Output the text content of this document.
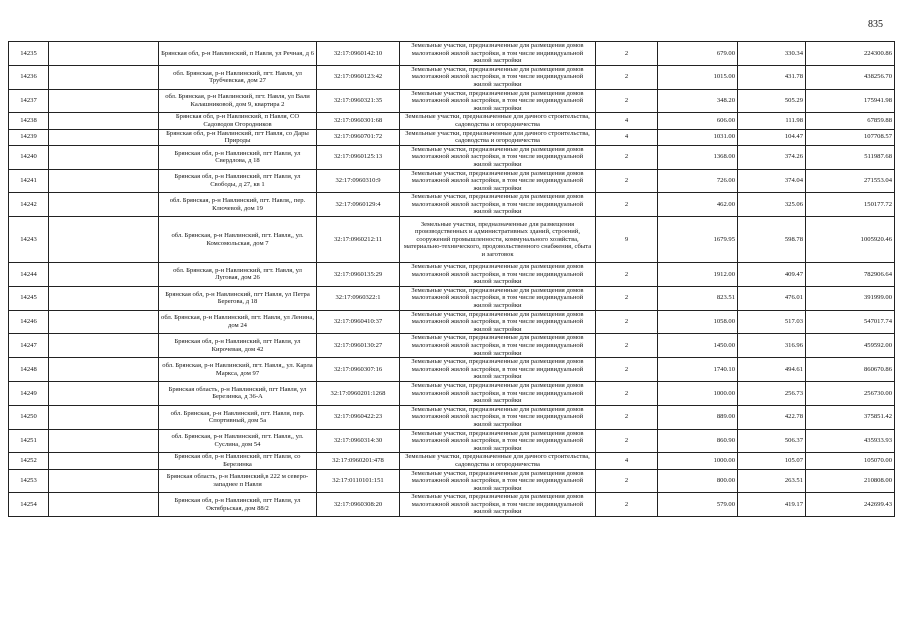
835
14235		Брянская обл, р-н Навлинский, п Навля, ул Речная, д 6	32:17:0960142:10	Земельные участки, предназначенные для размещения домов малоэтажной жилой застройки, в том числе индивидуальной жилой застройки	2	679.00	330.34	224300.86
14236		обл. Брянская, р-н Навлинский, пгт. Навля, ул Трубчевская, дом 27	32:17:0960123:42	Земельные участки, предназначенные для размещения домов малоэтажной жилой застройки, в том числе индивидуальной жилой застройки	2	1015.00	431.78	438256.70
14237		обл. Брянская, р-н Навлинский, пгт. Навля, ул Вали Калашниковой, дом 9, квартира 2	32:17:0960321:35	Земельные участки, предназначенные для размещения домов малоэтажной жилой застройки, в том числе индивидуальной жилой застройки	2	348.20	505.29	175941.98
14238		Брянская обл, р-н Навлинский, п Навля, СО Садоводов Огородников	32:17:0960301:68	Земельные участки, предназначенные для дачного строительства, садоводства и огородничества	4	606.00	111.98	67859.88
14239		Брянская обл, р-н Навлинский, пгт Навля, со Дары Природы	32:17:0960701:72	Земельные участки, предназначенные для дачного строительства, садоводства и огородничества	4	1031.00	104.47	107708.57
14240		Брянская обл, р-н Навлинский, пгт Навля, ул Свердлова, д 18	32:17:0960125:13	Земельные участки, предназначенные для размещения домов малоэтажной жилой застройки, в том числе индивидуальной жилой застройки	2	1368.00	374.26	511987.68
14241		Брянская обл, р-н Навлинский, пгт Навля, ул Свободы, д 27, кв 1	32:17:0960310:9	Земельные участки, предназначенные для размещения домов малоэтажной жилой застройки, в том числе индивидуальной жилой застройки	2	726.00	374.04	271553.04
14242		обл. Брянская, р-н Навлинский, пгт. Навля,, пер. Ключевой, дом 19	32:17:0960129:4	Земельные участки, предназначенные для размещения домов малоэтажной жилой застройки, в том числе индивидуальной жилой застройки	2	462.00	325.06	150177.72
14243		обл. Брянская, р-н Навлинский, пгт. Навля,, ул. Комсомольская, дом 7	32:17:0960212:11	Земельные участки, предназначенные для размещения производственных и административных зданий, строений, сооружений промышленности, коммунального хозяйства, материально-технического, продовольственного снабжения, сбыта и заготовок	9	1679.95	598.78	1005920.46
14244		обл. Брянская, р-н Навлинский, пгт. Навля, ул Луговая, дом 26	32:17:0960135:29	Земельные участки, предназначенные для размещения домов малоэтажной жилой застройки, в том числе индивидуальной жилой застройки	2	1912.00	409.47	782906.64
14245		Брянская обл, р-н Навлинский, пгт Навля, ул Петра Берегова, д 18	32:17:0960322:1	Земельные участки, предназначенные для размещения домов малоэтажной жилой застройки, в том числе индивидуальной жилой застройки	2	823.51	476.01	391999.00
14246		обл. Брянская, р-н Навлинский, пгт. Навля, ул Ленина, дом 24	32:17:0960410:37	Земельные участки, предназначенные для размещения домов малоэтажной жилой застройки, в том числе индивидуальной жилой застройки	2	1058.00	517.03	547017.74
14247		Брянская обл, р-н Навлинский, пгт Навля, ул Кирочевая, дом 42	32:17:0960130:27	Земельные участки, предназначенные для размещения домов малоэтажной жилой застройки, в том числе индивидуальной жилой застройки	2	1450.00	316.96	459592.00
14248		обл. Брянская, р-н Навлинский, пгт. Навля,, ул. Карла Маркса, дом 97	32:17:0960307:16	Земельные участки, предназначенные для размещения домов малоэтажной жилой застройки, в том числе индивидуальной жилой застройки	2	1740.10	494.61	860670.86
14249		Брянская область, р-н Навлинский, пгт Навля, ул Березинка, д 36-А	32:17:0960201:1268	Земельные участки, предназначенные для размещения домов малоэтажной жилой застройки, в том числе индивидуальной жилой застройки	2	1000.00	256.73	256730.00
14250		обл. Брянская, р-н Навлинский, пгт. Навля, пер. Спортивный, дом 5а	32:17:0960422:23	Земельные участки, предназначенные для размещения домов малоэтажной жилой застройки, в том числе индивидуальной жилой застройки	2	889.00	422.78	375851.42
14251		обл. Брянская, р-н Навлинский, пгт. Навля,, ул. Суслина, дом 54	32:17:0960314:30	Земельные участки, предназначенные для размещения домов малоэтажной жилой застройки, в том числе индивидуальной жилой застройки	2	860.90	506.37	435933.93
14252		Брянская обл, р-н Навлинский, пгт Навля, со Березинка	32:17:0960201:478	Земельные участки, предназначенные для дачного строительства, садоводства и огородничества	4	1000.00	105.07	105070.00
14253		Брянская область, р-н Навлинский,в 222 м северо-западнее п Навля	32:17:0110101:151	Земельные участки, предназначенные для размещения домов малоэтажной жилой застройки, в том числе индивидуальной жилой застройки	2	800.00	263.51	210808.00
14254		Брянская обл, р-н Навлинский, пгт Навля, ул Октябрьская, дом 88/2	32:17:0960308:20	Земельные участки, предназначенные для размещения домов малоэтажной жилой застройки, в том числе индивидуальной жилой застройки	2	579.00	419.17	242699.43
